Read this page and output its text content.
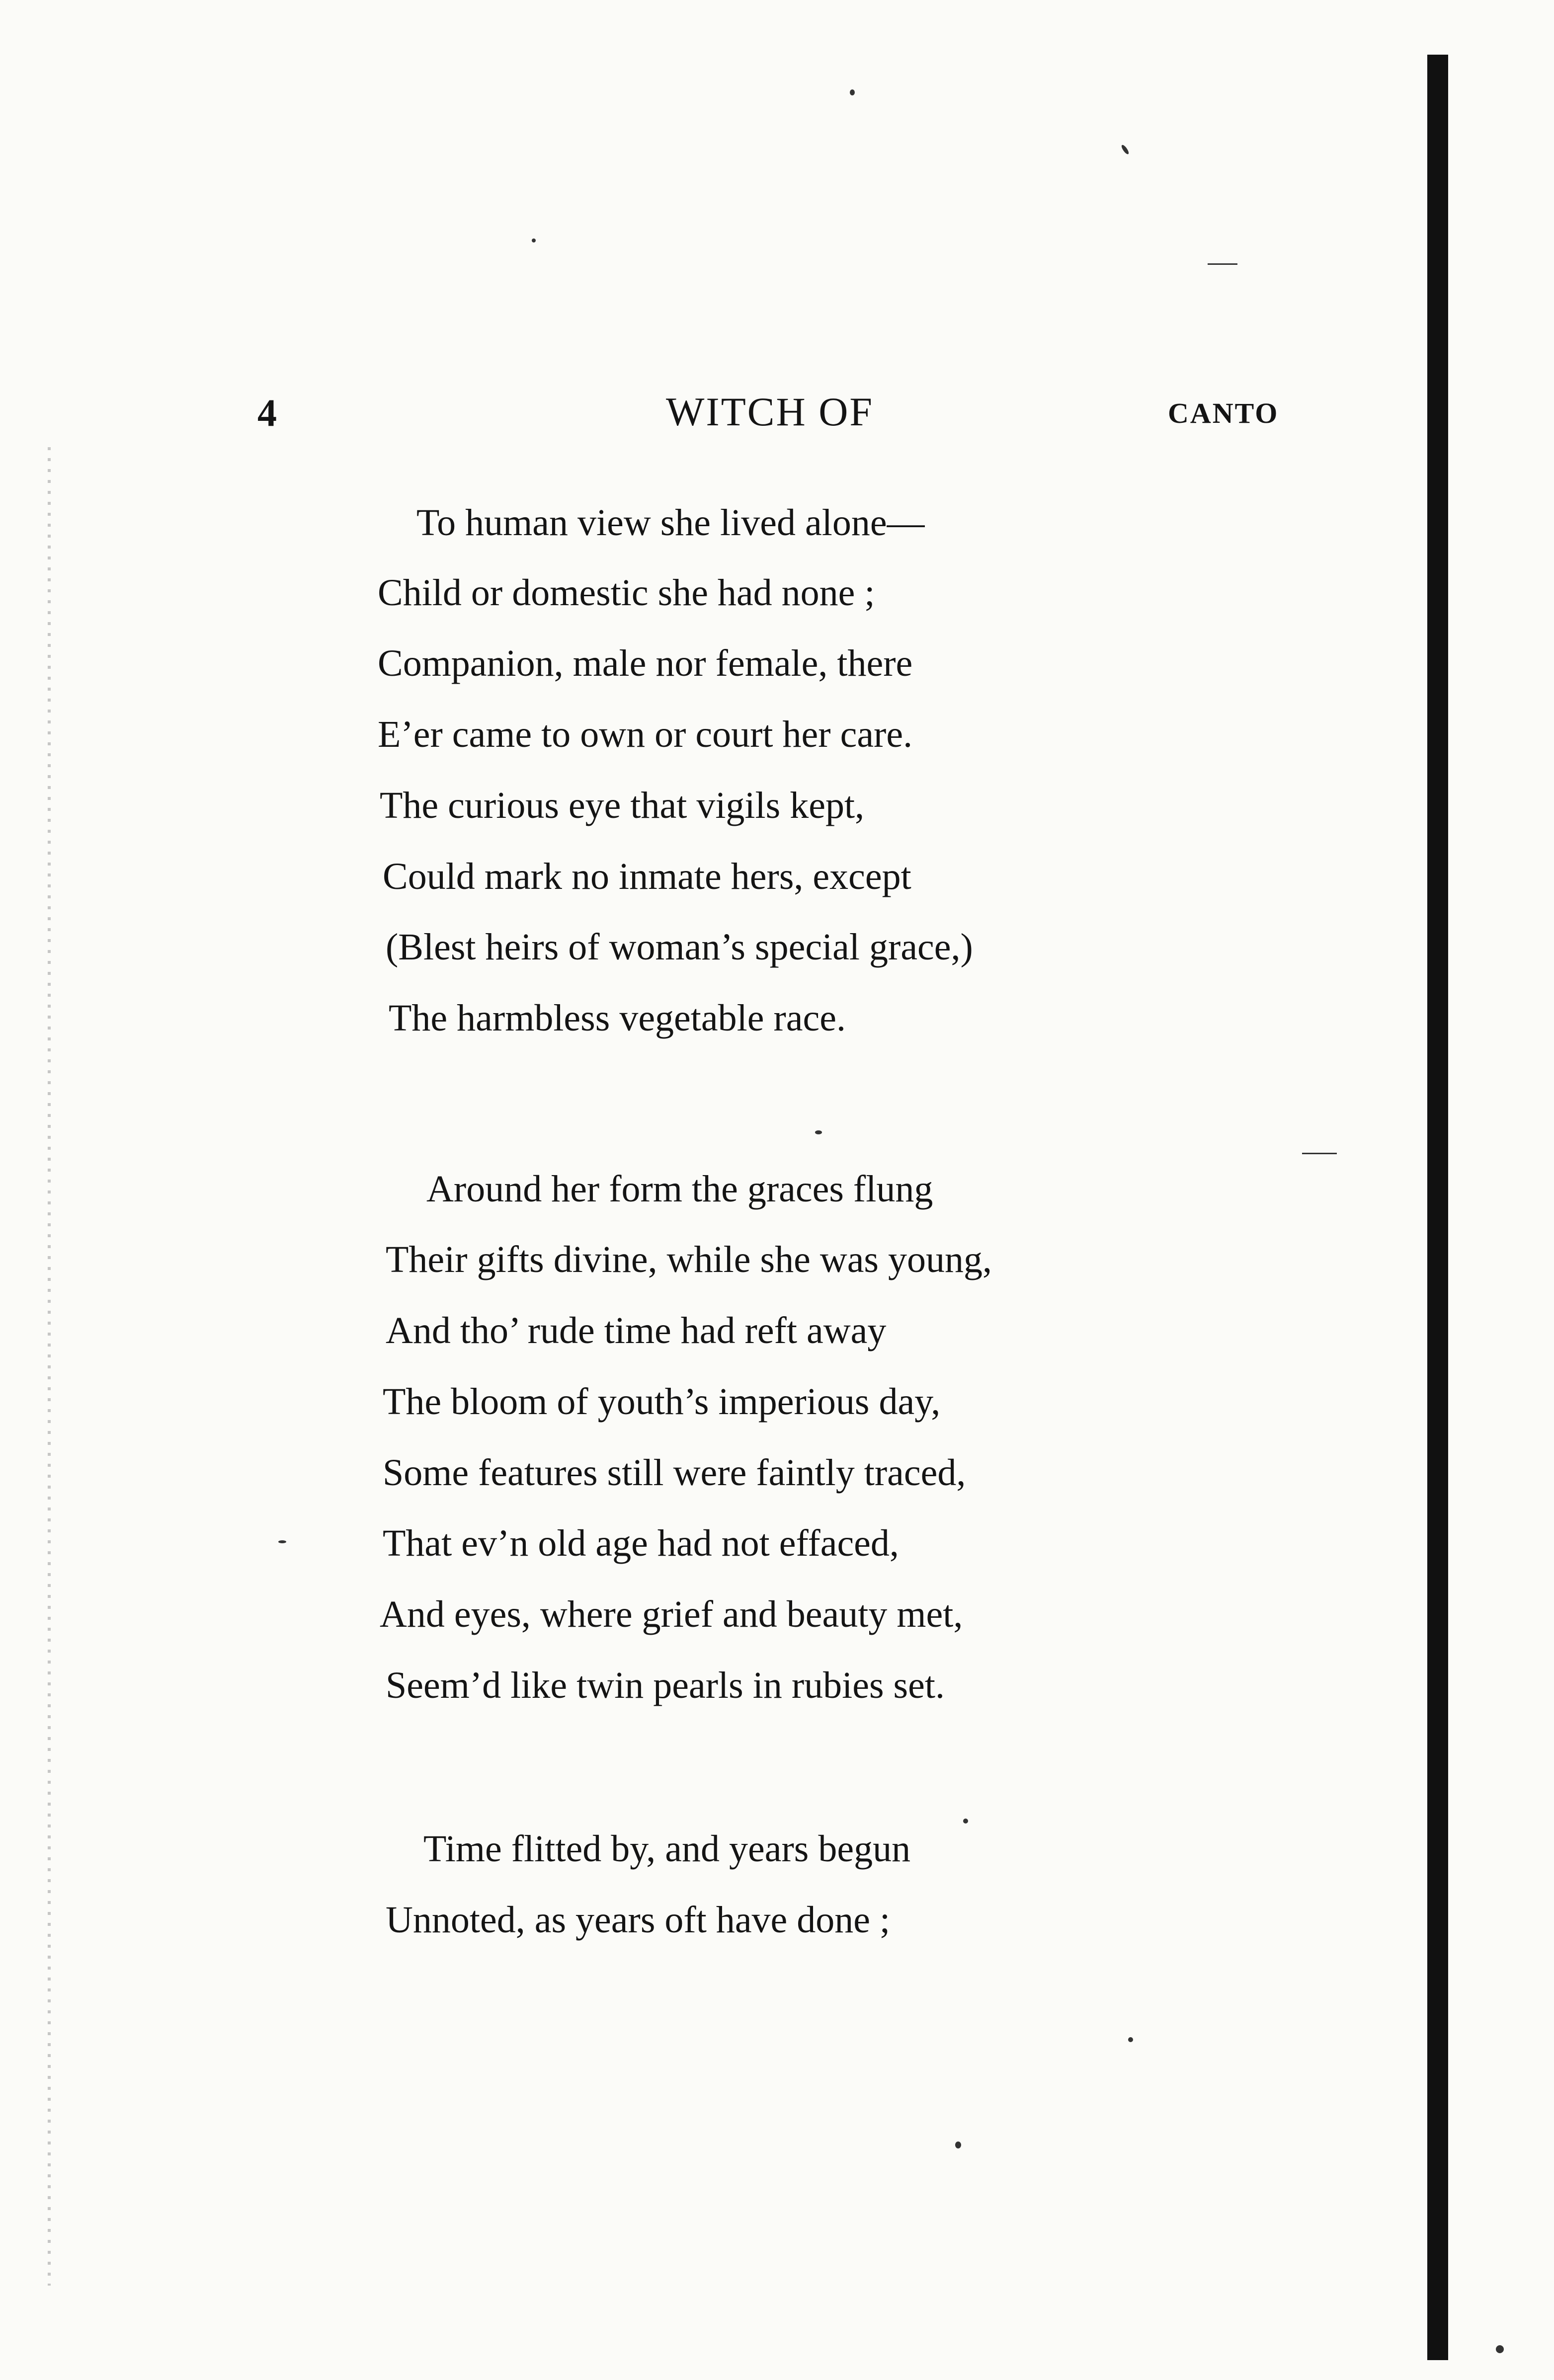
4	WITCH OF	CANTO
To human view she lived alone—
Child or domestic she had none ;
Companion, male nor female, there
E’er came to own or court her care.
The curious eye that vigils kept,
Could mark no inmate hers, except
(Blest heirs of woman’s special grace,)
The harmbless vegetable race.
Around her form the graces flung
Their gifts divine, while she was young,
And tho’ rude time had reft away
The bloom of youth’s imperious day,
Some features still were faintly traced,
That ev’n old age had not effaced,
And eyes, where grief and beauty met,
Seem’d like twin pearls in rubies set.
Time flitted by, and years begun
Unnoted, as years oft have done ;
